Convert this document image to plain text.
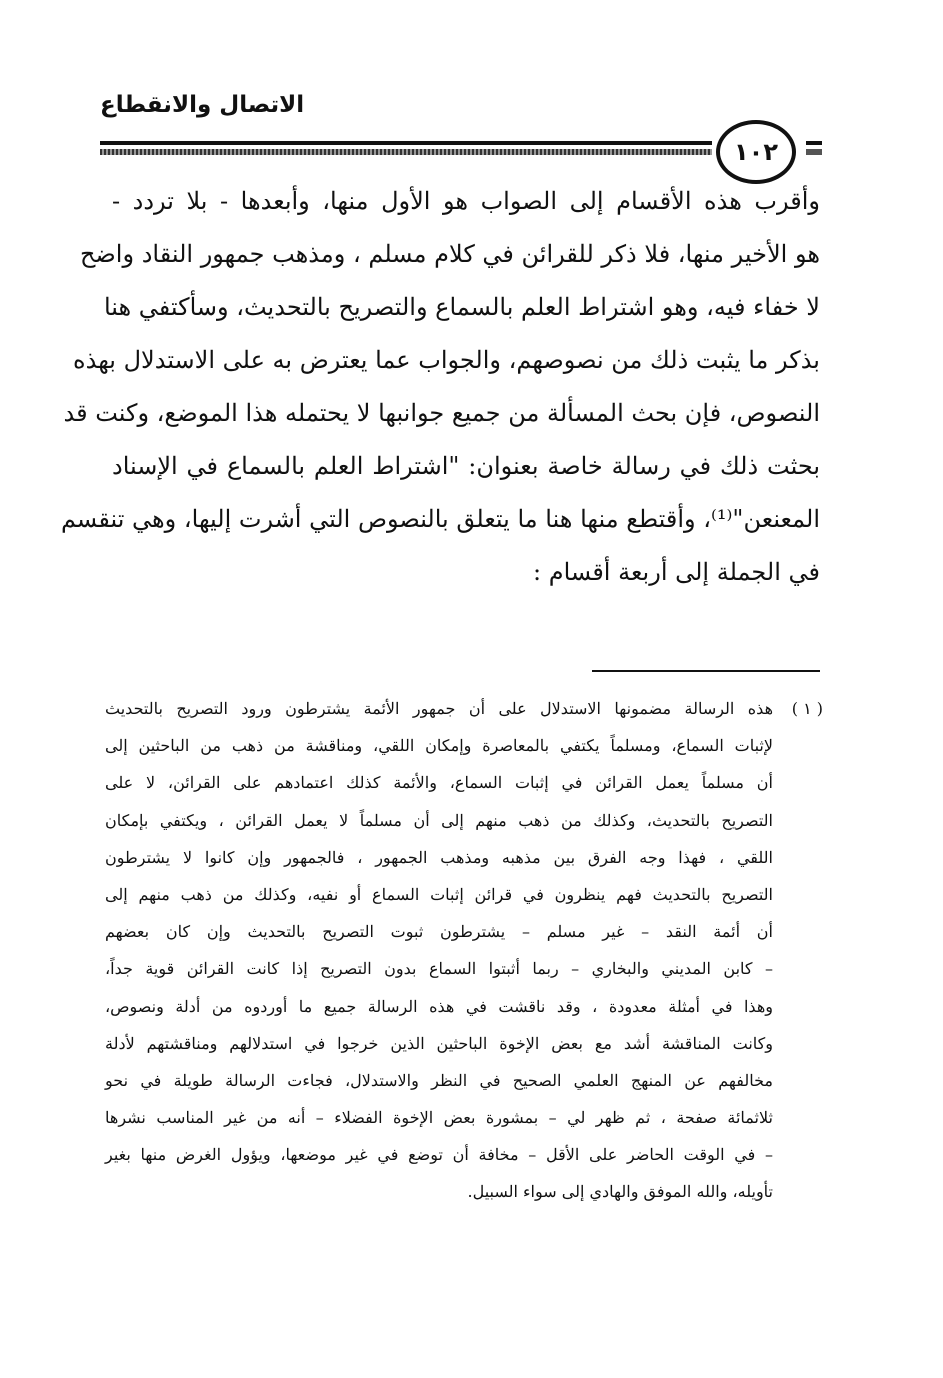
الاتصال والانقطاع
١٠٢
وأقرب هذه الأقسام إلى الصواب هو الأول منها، وأبعدها - بلا تردد -
هو الأخير منها، فلا ذكر للقرائن في كلام مسلم ، ومذهب جمهور النقاد واضح
لا خفاء فيه، وهو اشتراط العلم بالسماع والتصريح بالتحديث، وسأكتفي هنا
بذكر ما يثبت ذلك من نصوصهم، والجواب عما يعترض به على الاستدلال بهذه
النصوص، فإن بحث المسألة من جميع جوانبها لا يحتمله هذا الموضع، وكنت قد
بحثت ذلك في رسالة خاصة بعنوان: "اشتراط العلم بالسماع في الإسناد
المعنعن"⁽¹⁾، وأقتطع منها هنا ما يتعلق بالنصوص التي أشرت إليها، وهي تنقسم
في الجملة إلى أربعة أقسام :
( ١ )
هذه الرسالة مضمونها الاستدلال على أن جمهور الأئمة يشترطون ورود التصريح بالتحديث
لإثبات السماع، ومسلماً يكتفي بالمعاصرة وإمكان اللقي، ومناقشة من ذهب من الباحثين إلى
أن مسلماً يعمل القرائن في إثبات السماع، والأئمة كذلك اعتمادهم على القرائن، لا على
التصريح بالتحديث، وكذلك من ذهب منهم إلى أن مسلماً لا يعمل القرائن ، ويكتفي بإمكان
اللقي ، فهذا وجه الفرق بين مذهبه ومذهب الجمهور ، فالجمهور وإن كانوا لا يشترطون
التصريح بالتحديث فهم ينظرون في قرائن إثبات السماع أو نفيه، وكذلك من ذهب منهم إلى
أن أئمة النقد – غير مسلم – يشترطون ثبوت التصريح بالتحديث وإن كان بعضهم
– كابن المديني والبخاري – ربما أثبتوا السماع بدون التصريح إذا كانت القرائن قوية جداً،
وهذا في أمثلة معدودة ، وقد ناقشت في هذه الرسالة جميع ما أوردوه من أدلة ونصوص،
وكانت المناقشة أشد مع بعض الإخوة الباحثين الذين خرجوا في استدلالهم ومناقشتهم لأدلة
مخالفهم عن المنهج العلمي الصحيح في النظر والاستدلال، فجاءت الرسالة طويلة في نحو
ثلاثمائة صفحة ، ثم ظهر لي – بمشورة بعض الإخوة الفضلاء – أنه من غير المناسب نشرها
– في الوقت الحاضر على الأقل – مخافة أن توضع في غير موضعها، ويؤول الغرض منها بغير
تأويله، والله الموفق والهادي إلى سواء السبيل.
